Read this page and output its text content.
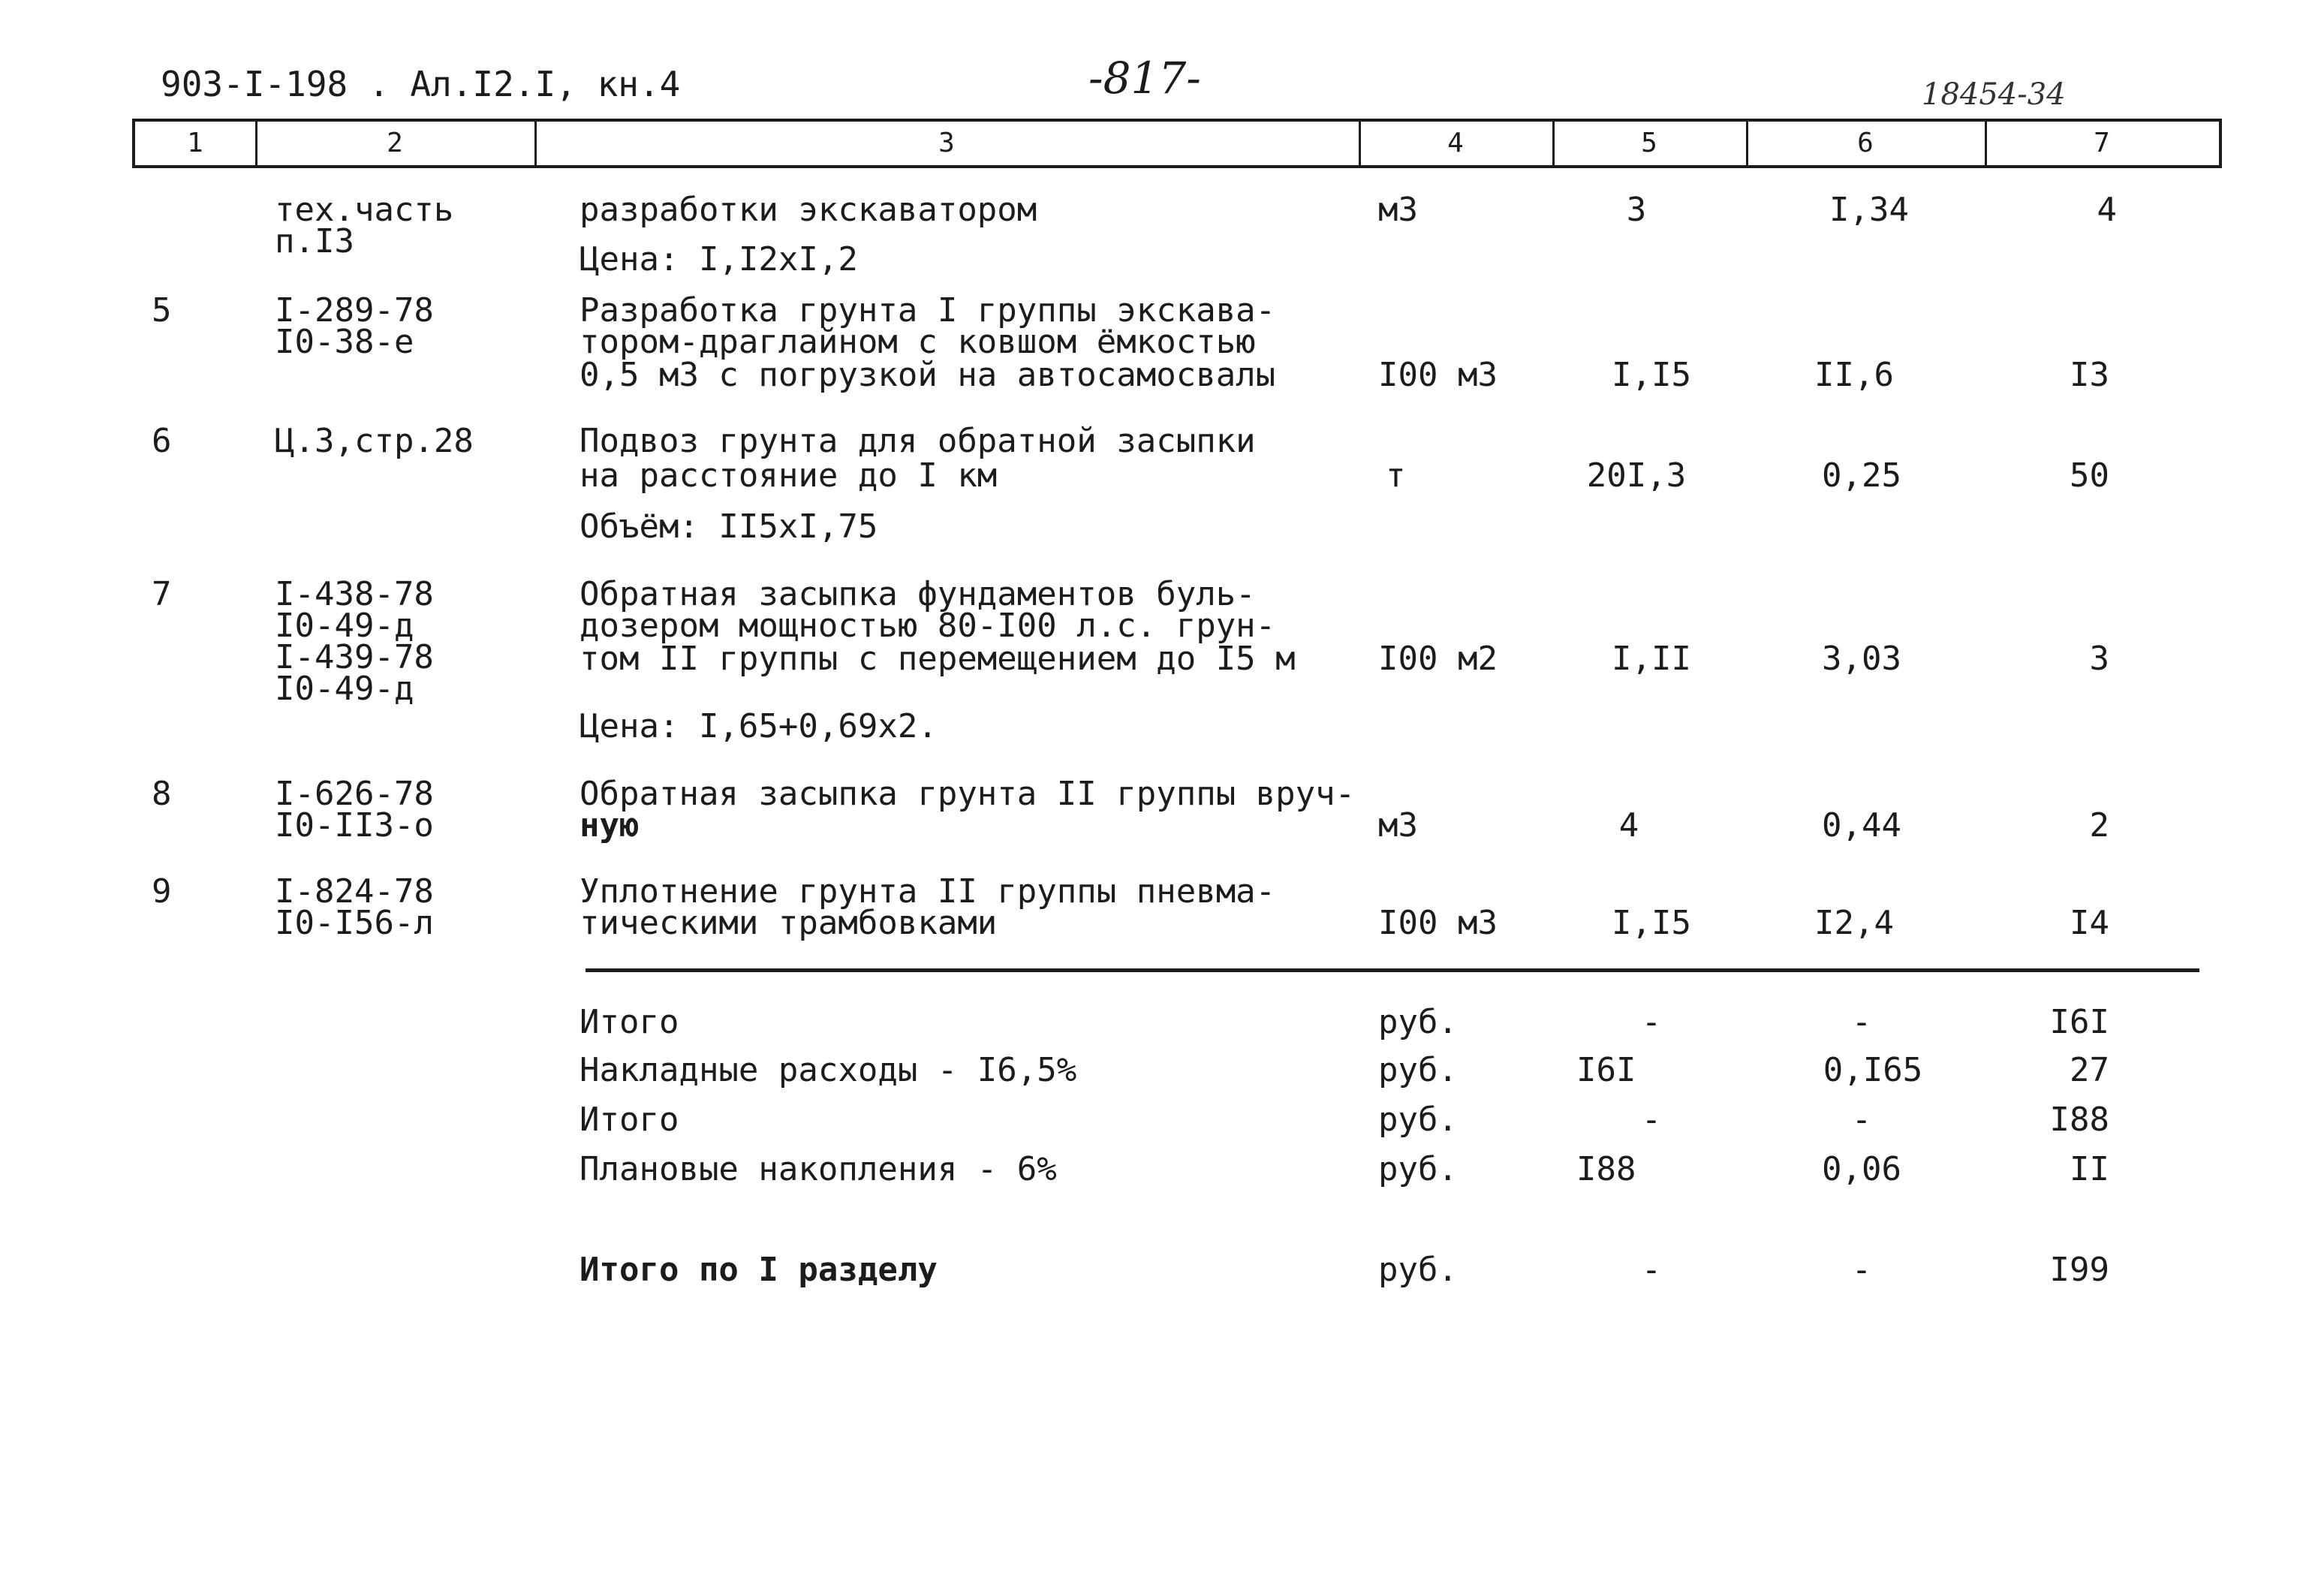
903-I-198 . Ал.I2.I, кн.4	-817-	18454-34
1	2	3	4	5	6	7
тех.часть
п.I3
разработки экскаватором
Цена: I,I2xI,2
м3	3	I,34	4
5	I-289-78
I0-38-е
Разработка грунта I группы экскава-
тором-драглайном с ковшом ёмкостью
0,5 м3 с погрузкой на автосамосвалы	I00 м3	I,I5	II,6	I3
6	Ц.3,стр.28	Подвоз грунта для обратной засыпки
на расстояние до I км
Объём: II5xI,75
т	20I,3	0,25	50
7	I-438-78
I0-49-д
I-439-78
I0-49-д
Обратная засыпка фундаментов буль-
дозером мощностью 80-I00 л.с. грун-
том II группы с перемещением до I5 м
Цена: I,65+0,69x2.
I00 м2	I,II	3,03	3
8	I-626-78
I0-II3-о
Обратная засыпка грунта II группы вруч-
ную	м3	4	0,44	2
9	I-824-78
I0-I56-л
Уплотнение грунта II группы пневма-
тическими трамбовками	I00 м3	I,I5	I2,4	I4
Итого	руб.	-	-	I6I
Накладные расходы - I6,5%	руб.	I6I	0,I65	27
Итого	руб.	-	-	I88
Плановые накопления - 6%	руб.	I88	0,06	II
Итого по I разделу	руб.	-	-	I99
